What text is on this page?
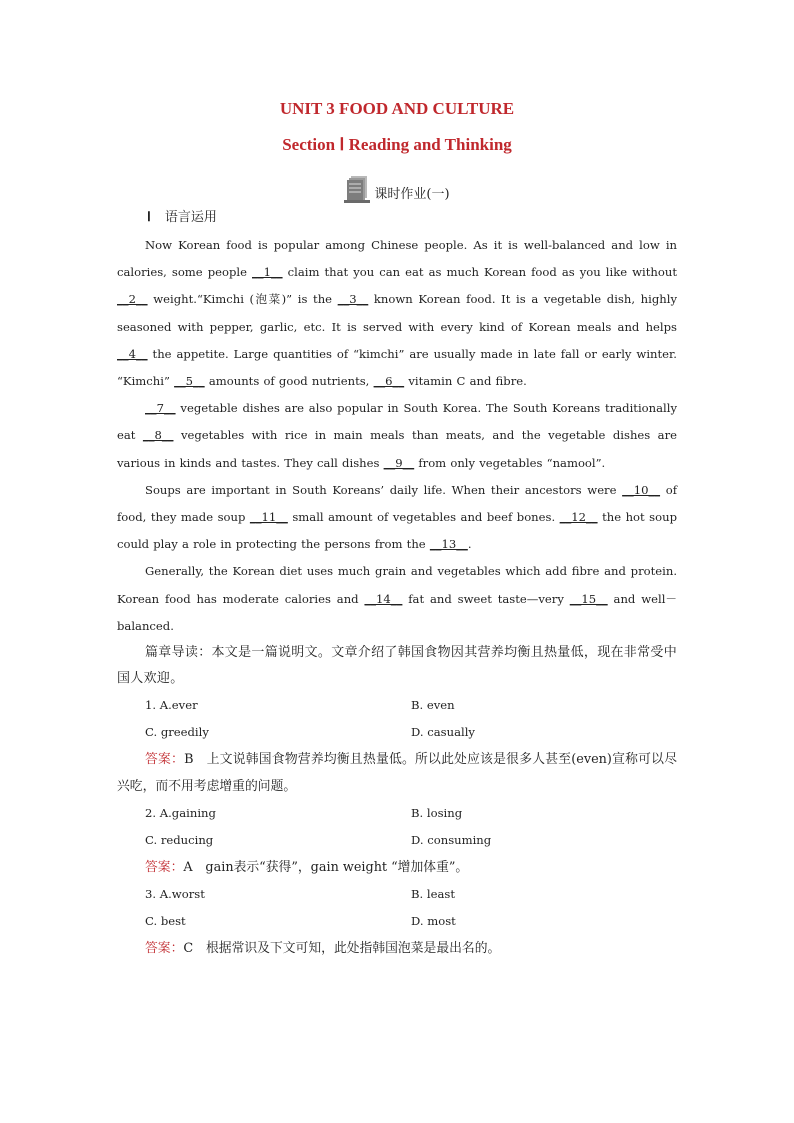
UNIT 3 FOOD AND CULTURE
Section Ⅰ Reading and Thinking
课时作业(一)
Ⅰ 语言运用

Now Korean food is popular among Chinese people. As it is well-balanced and low in calories, some people __1__ claim that you can eat as much Korean food as you like without __2__ weight.“Kimchi (泡菜)” is the __3__ known Korean food. It is a vegetable dish, highly seasoned with pepper, garlic, etc. It is served with every kind of Korean meals and helps __4__ the appetite. Large quantities of “kimchi” are usually made in late fall or early winter. “Kimchi” __5__ amounts of good nutrients, __6__ vitamin C and fibre.

__7__ vegetable dishes are also popular in South Korea. The South Koreans traditionally eat __8__ vegetables with rice in main meals than meats, and the vegetable dishes are various in kinds and tastes. They call dishes __9__ from only vegetables “namool”.

Soups are important in South Koreans’ daily life. When their ancestors were __10__ of food, they made soup __11__ small amount of vegetables and beef bones. __12__ the hot soup could play a role in protecting the persons from the __13__.

Generally, the Korean diet uses much grain and vegetables which add fibre and protein. Korean food has moderate calories and __14__ fat and sweet taste—very __15__ and well－balanced.

篇章导读：本文是一篇说明文。文章介绍了韩国食物因其营养均衡且热量低，现在非常受中国人欢迎。

1. A.ever	B. even
C. greedily	D. casually

答案：B　上文说韩国食物营养均衡且热量低。所以此处应该是很多人甚至(even)宣称可以尽兴吃，而不用考虑增重的问题。

2. A.gaining	B. losing
C. reducing	D. consuming

答案：A　gain表示“获得”，gain weight “增加体重”。

3. A.worst	B. least
C. best	D. most

答案：C　根据常识及下文可知，此处指韩国泡菜是最出名的。
